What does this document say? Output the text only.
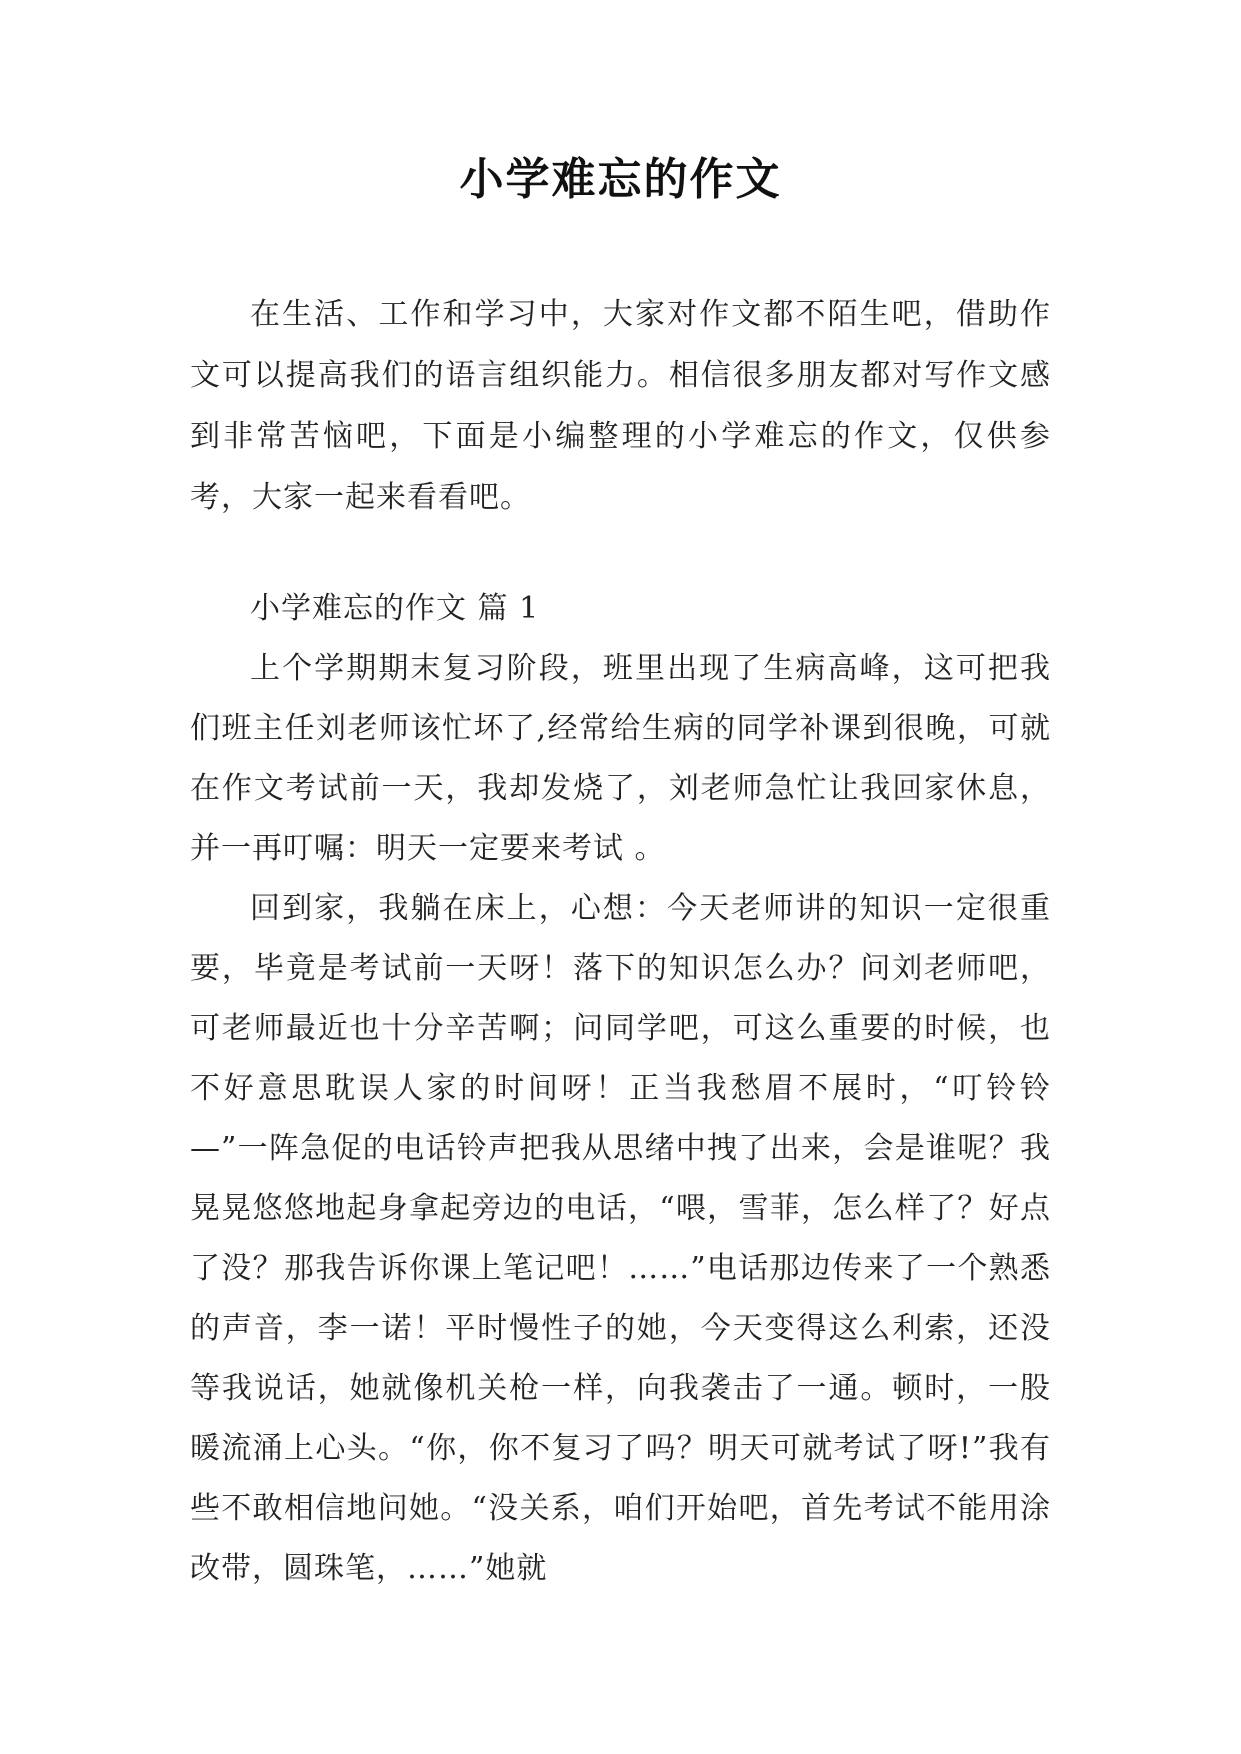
小学难忘的作文

在生活、工作和学习中，大家对作文都不陌生吧，借助作文可以提高我们的语言组织能力。相信很多朋友都对写作文感到非常苦恼吧，下面是小编整理的小学难忘的作文，仅供参考，大家一起来看看吧。

小学难忘的作文 篇 1

上个学期期末复习阶段，班里出现了生病高峰，这可把我们班主任刘老师该忙坏了,经常给生病的同学补课到很晚，可就在作文考试前一天，我却发烧了，刘老师急忙让我回家休息，并一再叮嘱：明天一定要来考试 。

回到家，我躺在床上，心想：今天老师讲的知识一定很重要，毕竟是考试前一天呀！落下的知识怎么办？问刘老师吧，可老师最近也十分辛苦啊；问同学吧，可这么重要的时候，也不好意思耽误人家的时间呀！正当我愁眉不展时，“叮铃铃—”一阵急促的电话铃声把我从思绪中拽了出来，会是谁呢？我晃晃悠悠地起身拿起旁边的电话，“喂，雪菲，怎么样了？好点了没？那我告诉你课上笔记吧！……”电话那边传来了一个熟悉的声音，李一诺！平时慢性子的她，今天变得这么利索，还没等我说话，她就像机关枪一样，向我袭击了一通。顿时，一股暖流涌上心头。“你，你不复习了吗？明天可就考试了呀!”我有些不敢相信地问她。“没关系，咱们开始吧，首先考试不能用涂改带，圆珠笔，……”她就
